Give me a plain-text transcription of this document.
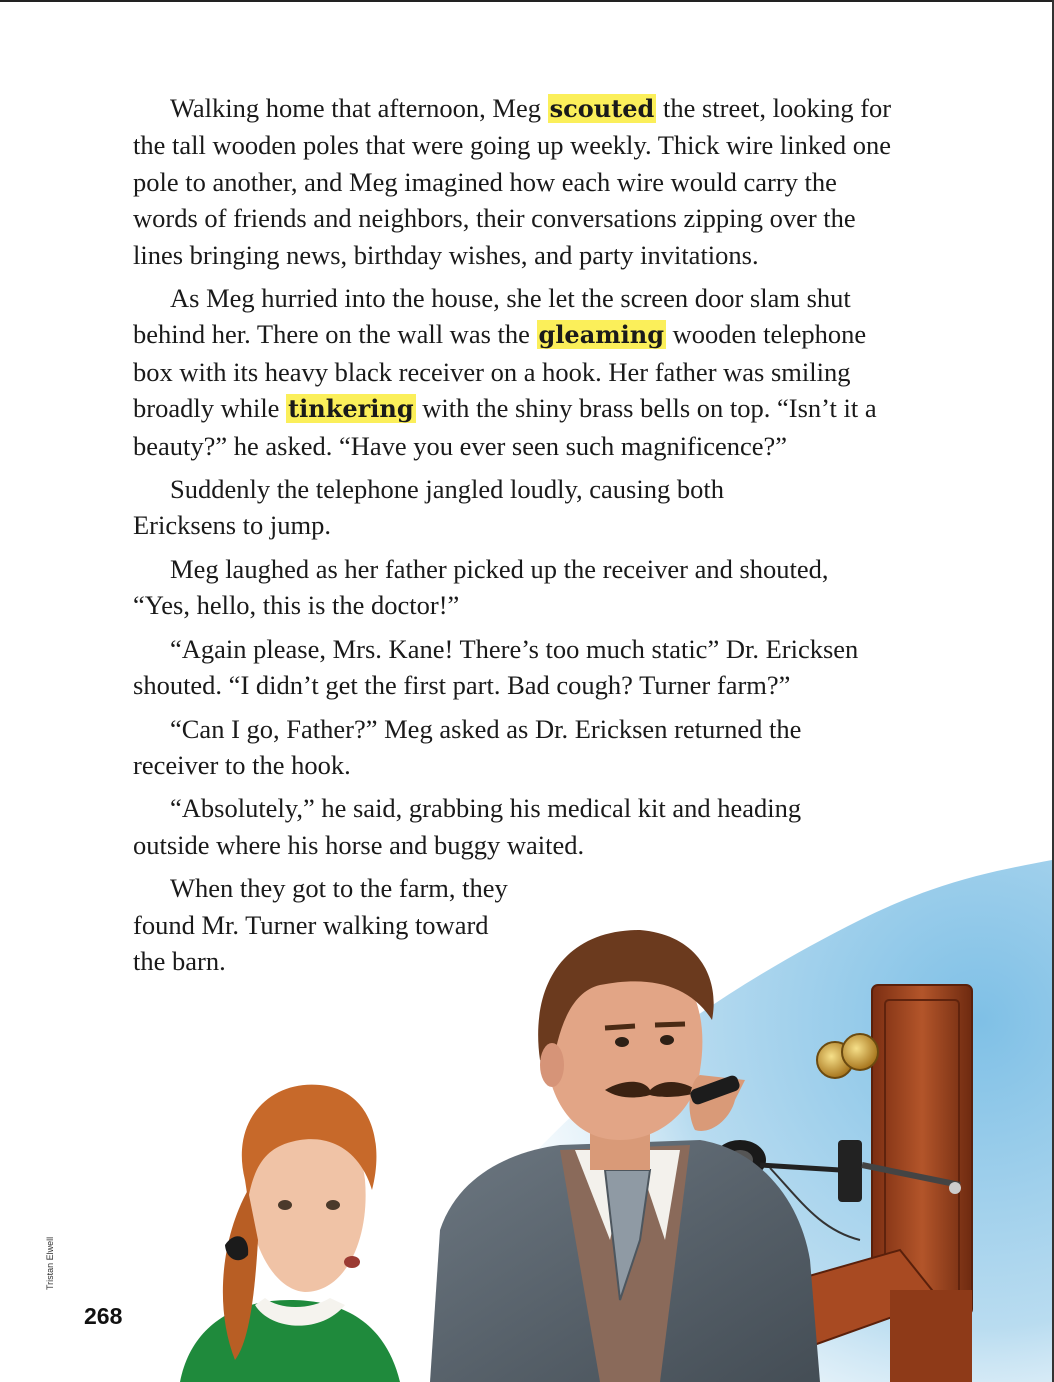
Walking home that afternoon, Meg scouted the street, looking for the tall wooden poles that were going up weekly. Thick wire linked one pole to another, and Meg imagined how each wire would carry the words of friends and neighbors, their conversations zipping over the lines bringing news, birthday wishes, and party invitations.

As Meg hurried into the house, she let the screen door slam shut behind her. There on the wall was the gleaming wooden telephone box with its heavy black receiver on a hook. Her father was smiling broadly while tinkering with the shiny brass bells on top. “Isn’t it a beauty?” he asked. “Have you ever seen such magnificence?”

Suddenly the telephone jangled loudly, causing both Ericksens to jump.

Meg laughed as her father picked up the receiver and shouted, “Yes, hello, this is the doctor!”

“Again please, Mrs. Kane! There’s too much static” Dr. Ericksen shouted. “I didn’t get the first part. Bad cough? Turner farm?”

“Can I go, Father?” Meg asked as Dr. Ericksen returned the receiver to the hook.

“Absolutely,” he said, grabbing his medical kit and heading outside where his horse and buggy waited.

When they got to the farm, they found Mr. Turner walking toward the barn.

Tristan Elwell
268
